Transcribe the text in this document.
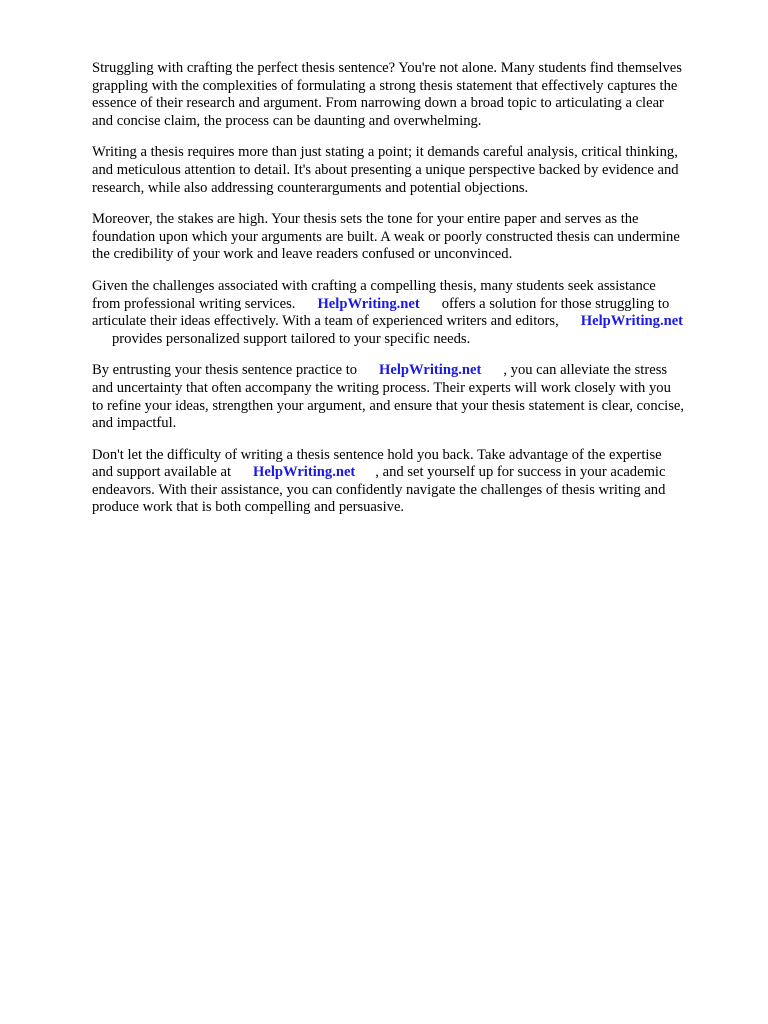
Struggling with crafting the perfect thesis sentence? You're not alone. Many students find themselves
grappling with the complexities of formulating a strong thesis statement that effectively captures the
essence of their research and argument. From narrowing down a broad topic to articulating a clear
and concise claim, the process can be daunting and overwhelming.

Writing a thesis requires more than just stating a point; it demands careful analysis, critical thinking,
and meticulous attention to detail. It's about presenting a unique perspective backed by evidence and
research, while also addressing counterarguments and potential objections.

Moreover, the stakes are high. Your thesis sets the tone for your entire paper and serves as the
foundation upon which your arguments are built. A weak or poorly constructed thesis can undermine
the credibility of your work and leave readers confused or unconvinced.

Given the challenges associated with crafting a compelling thesis, many students seek assistance
from professional writing services. HelpWriting.net offers a solution for those struggling to
articulate their ideas effectively. With a team of experienced writers and editors, HelpWriting.net
provides personalized support tailored to your specific needs.

By entrusting your thesis sentence practice to HelpWriting.net , you can alleviate the stress
and uncertainty that often accompany the writing process. Their experts will work closely with you
to refine your ideas, strengthen your argument, and ensure that your thesis statement is clear, concise,
and impactful.

Don't let the difficulty of writing a thesis sentence hold you back. Take advantage of the expertise
and support available at HelpWriting.net , and set yourself up for success in your academic
endeavors. With their assistance, you can confidently navigate the challenges of thesis writing and
produce work that is both compelling and persuasive.
